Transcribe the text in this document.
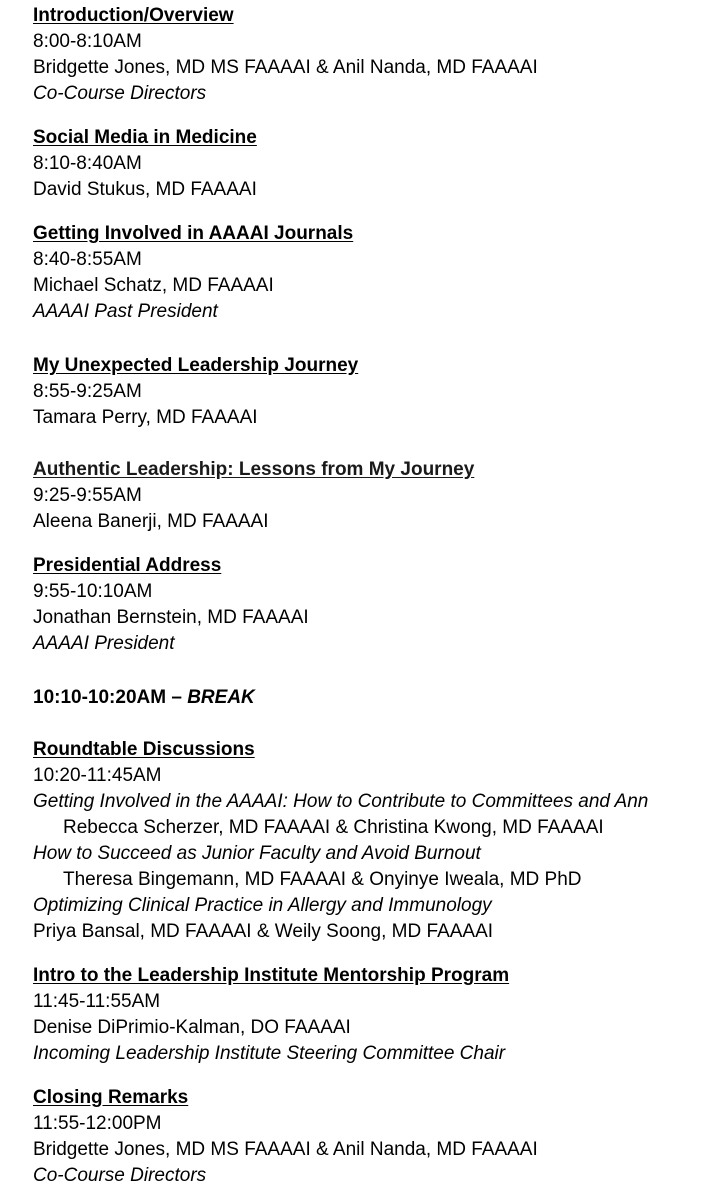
Introduction/Overview
8:00-8:10AM
Bridgette Jones, MD MS FAAAAI & Anil Nanda, MD FAAAAI
Co-Course Directors
Social Media in Medicine
8:10-8:40AM
David Stukus, MD FAAAAI
Getting Involved in AAAAI Journals
8:40-8:55AM
Michael Schatz, MD FAAAAI
AAAAI Past President
My Unexpected Leadership Journey
8:55-9:25AM
Tamara Perry, MD FAAAAI
Authentic Leadership: Lessons from My Journey
9:25-9:55AM
Aleena Banerji, MD FAAAAI
Presidential Address
9:55-10:10AM
Jonathan Bernstein, MD FAAAAI
AAAAI President
10:10-10:20AM – BREAK
Roundtable Discussions
10:20-11:45AM
Getting Involved in the AAAAI: How to Contribute to Committees and Ann
Rebecca Scherzer, MD FAAAAI & Christina Kwong, MD FAAAAI
How to Succeed as Junior Faculty and Avoid Burnout
Theresa Bingemann, MD FAAAAI & Onyinye Iweala, MD PhD
Optimizing Clinical Practice in Allergy and Immunology
Priya Bansal, MD FAAAAI & Weily Soong, MD FAAAAI
Intro to the Leadership Institute Mentorship Program
11:45-11:55AM
Denise DiPrimio-Kalman, DO FAAAAI
Incoming Leadership Institute Steering Committee Chair
Closing Remarks
11:55-12:00PM
Bridgette Jones, MD MS FAAAAI & Anil Nanda, MD FAAAAI
Co-Course Directors
